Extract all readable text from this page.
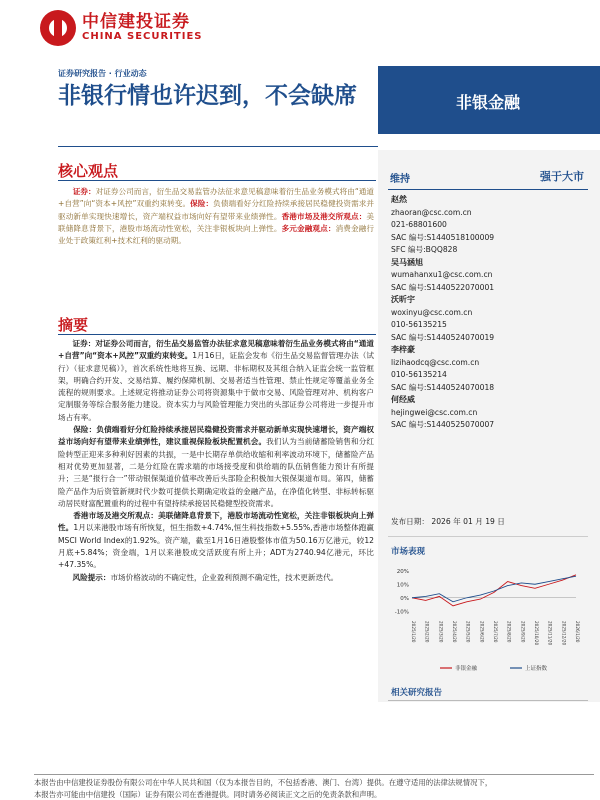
中信建投证券
CHINA SECURITIES
证券研究报告 · 行业动态
非银行情也许迟到，不会缺席	非银金融
核心观点

证券：对证券公司而言，衍生品交易监管办法征求意见稿意味着衍生品业务模式将由“通道+自营”向“资本+风控”双重约束转变。保险：负债端看好分红险持续承接居民稳健投资需求并驱动新单实现快速增长，资产端权益市场向好有望带来业绩弹性。香港市场及港交所观点：美联储降息背景下，港股市场流动性宽松，关注非银板块向上弹性。多元金融观点：消费金融行业处于政策红利+技术红利的驱动期。

摘要

证券：对证券公司而言，衍生品交易监管办法征求意见稿意味着衍生品业务模式将由“通道+自营”向“资本+风控”双重约束转变。1月16日，证监会发布《衍生品交易监督管理办法（试行）（征求意见稿）》，首次系统性地将互换、远期、非标期权及其组合纳入证监会统一监管框架，明确合约开发、交易结算、履约保障机制、交易者适当性管理、禁止性规定等覆盖业务全流程的规则要求。上述规定将推动证券公司将资源集中于做市交易、风险管理对冲、机构客户定制服务等综合服务能力建设。资本实力与风险管理能力突出的头部证券公司将进一步提升市场占有率。

保险：负债端看好分红险持续承接居民稳健投资需求并驱动新单实现快速增长，资产端权益市场向好有望带来业绩弹性，建议重视保险板块配置机会。我们认为当前储蓄险销售和分红险转型正迎来多种利好因素的共振，一是中长期存单供给收缩和利率波动环境下，储蓄险产品相对优势更加显著，二是分红险在需求端的市场接受度和供给端的队伍销售能力预计有所提升；三是“报行合一”带动银保渠道价值率改善后头部险企积极加大银保渠道布局。第四，储蓄险产品作为后资管新规时代少数可提供长期确定收益的金融产品，在净值化转型、非标转标驱动居民财富配置重构的过程中有望持续承接居民稳健型投资需求。

香港市场及港交所观点：美联储降息背景下，港股市场流动性宽松，关注非银板块向上弹性。1月以来港股市场有所恢复，恒生指数+4.74%,恒生科技指数+5.55%,香港市场整体跑赢MSCI World Index的1.92%。资产端，截至1月16日港股整体市值为50.16万亿港元，较12月底+5.84%；资金端，1月以来港股成交活跃度有所上升；ADT为2740.94亿港元，环比+47.35%。

风险提示：市场价格波动的不确定性，企业盈利预测不确定性，技术更新迭代。

维持	强于大市
赵然
zhaoran@csc.com.cn
021-68801600
SAC 编号:S1440518100009
SFC 编号:BQQ828
吴马涵旭
wumahanxu1@csc.com.cn
SAC 编号:S1440522070001
沃昕宇
woxinyu@csc.com.cn
010-56135215
SAC 编号:S1440524070019
李梓豪
lizihaodcq@csc.com.cn
010-56135214
SAC 编号:S1440524070018
何经威
hejingwei@csc.com.cn
SAC 编号:S1440525070007
发布日期： 2026 年 01 月 19 日
市场表现
20%
10%
0%
-10%
2025/1/20 2025/2/20 2025/3/20 2025/4/20 2025/5/20 2025/6/20 2025/7/20 2025/8/20 2025/9/20 2025/10/20 2025/11/20 2025/12/20 2026/1/20
非银金融	上证指数
相关研究报告
本报告由中信建投证券股份有限公司在中华人民共和国（仅为本报告目的，不包括香港、澳门、台湾）提供。在遵守适用的法律法规情况下，
本报告亦可能由中信建投（国际）证券有限公司在香港提供。同时请务必阅读正文之后的免责条款和声明。
